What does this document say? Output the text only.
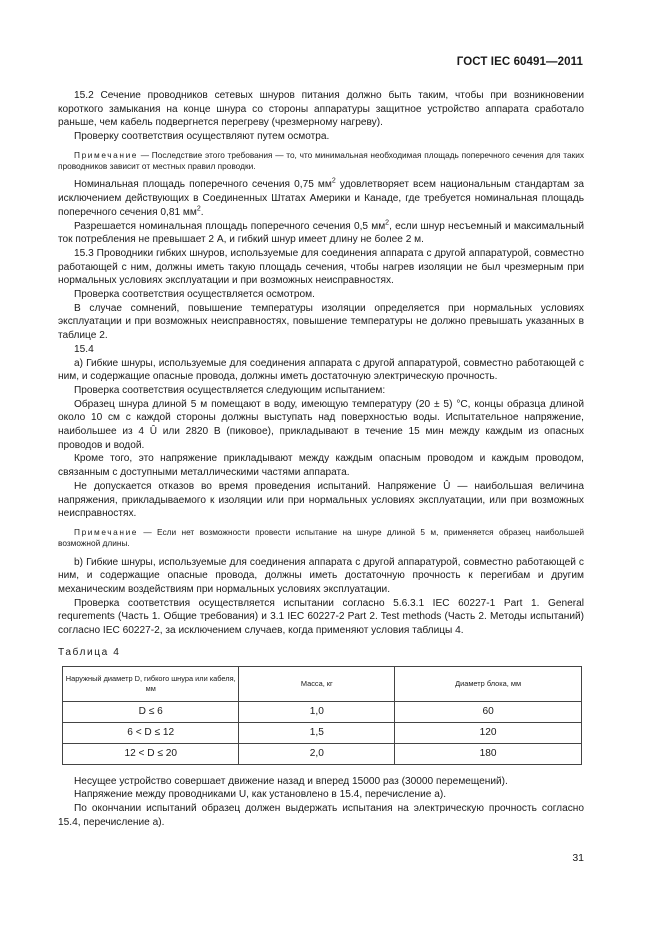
ГОСТ IEC 60491—2011

15.2 Сечение проводников сетевых шнуров питания должно быть таким, чтобы при возникновении короткого замыкания на конце шнура со стороны аппаратуры защитное устройство аппарата сработало раньше, чем кабель подвергнется перегреву (чрезмерному нагреву).

Проверку соответствия осуществляют путем осмотра.

Примечание — Последствие этого требования — то, что минимальная необходимая площадь поперечного сечения для таких проводников зависит от местных правил проводки.

Номинальная площадь поперечного сечения 0,75 $мм^2$ удовлетворяет всем национальным стандартам за исключением действующих в Соединенных Штатах Америки и Канаде, где требуется номинальная площадь поперечного сечения 0,81 $мм^2$.

Разрешается номинальная площадь поперечного сечения 0,5 $мм^2$, если шнур несъемный и максимальный ток потребления не превышает 2 А, и гибкий шнур имеет длину не более 2 м.

15.3 Проводники гибких шнуров, используемые для соединения аппарата с другой аппаратурой, совместно работающей с ним, должны иметь такую площадь сечения, чтобы нагрев изоляции не был чрезмерным при нормальных условиях эксплуатации и при возможных неисправностях.

Проверка соответствия осуществляется осмотром.

В случае сомнений, повышение температуры изоляции определяется при нормальных условиях эксплуатации и при возможных неисправностях, повышение температуры не должно превышать указанных в таблице 2.

15.4

а) Гибкие шнуры, используемые для соединения аппарата с другой аппаратурой, совместно работающей с ним, и содержащие опасные провода, должны иметь достаточную электрическую прочность.

Проверка соответствия осуществляется следующим испытанием:

Образец шнура длиной 5 м помещают в воду, имеющую температуру (20 ± 5) °С, концы образца длиной около 10 см с каждой стороны должны выступать над поверхностью воды. Испытательное напряжение, наибольшее из 4 Û или 2820 В (пиковое), прикладывают в течение 15 мин между каждым из опасных проводов и водой.

Кроме того, это напряжение прикладывают между каждым опасным проводом и каждым проводом, связанным с доступными металлическими частями аппарата.

Не допускается отказов во время проведения испытаний. Напряжение Û — наибольшая величина напряжения, прикладываемого к изоляции или при нормальных условиях эксплуатации, или при возможных неисправностях.

Примечание — Если нет возможности провести испытание на шнуре длиной 5 м, применяется образец наибольшей возможной длины.

b) Гибкие шнуры, используемые для соединения аппарата с другой аппаратурой, совместно работающей с ним, и содержащие опасные провода, должны иметь достаточную прочность к перегибам и другим механическим воздействиям при нормальных условиях эксплуатации.

Проверка соответствия осуществляется испытании согласно 5.6.3.1 IEC 60227-1 Part 1. General requrements (Часть 1. Общие требования) и 3.1 IEC 60227-2 Part 2. Test methods (Часть 2. Методы испытаний) согласно IEC 60227-2, за исключением случаев, когда применяют условия таблицы 4.

Таблица 4

Наружный диаметр D, гибкого шнура или кабеля, мм	Масса, кг	Диаметр блока, мм
D ≤ 6	1,0	60
6 < D ≤ 12	1,5	120
12 < D ≤ 20	2,0	180

Несущее устройство совершает движение назад и вперед 15000 раз (30000 перемещений).

Напряжение между проводниками U, как установлено в 15.4, перечисление а).

По окончании испытаний образец должен выдержать испытания на электрическую прочность согласно 15.4, перечисление а).

31
